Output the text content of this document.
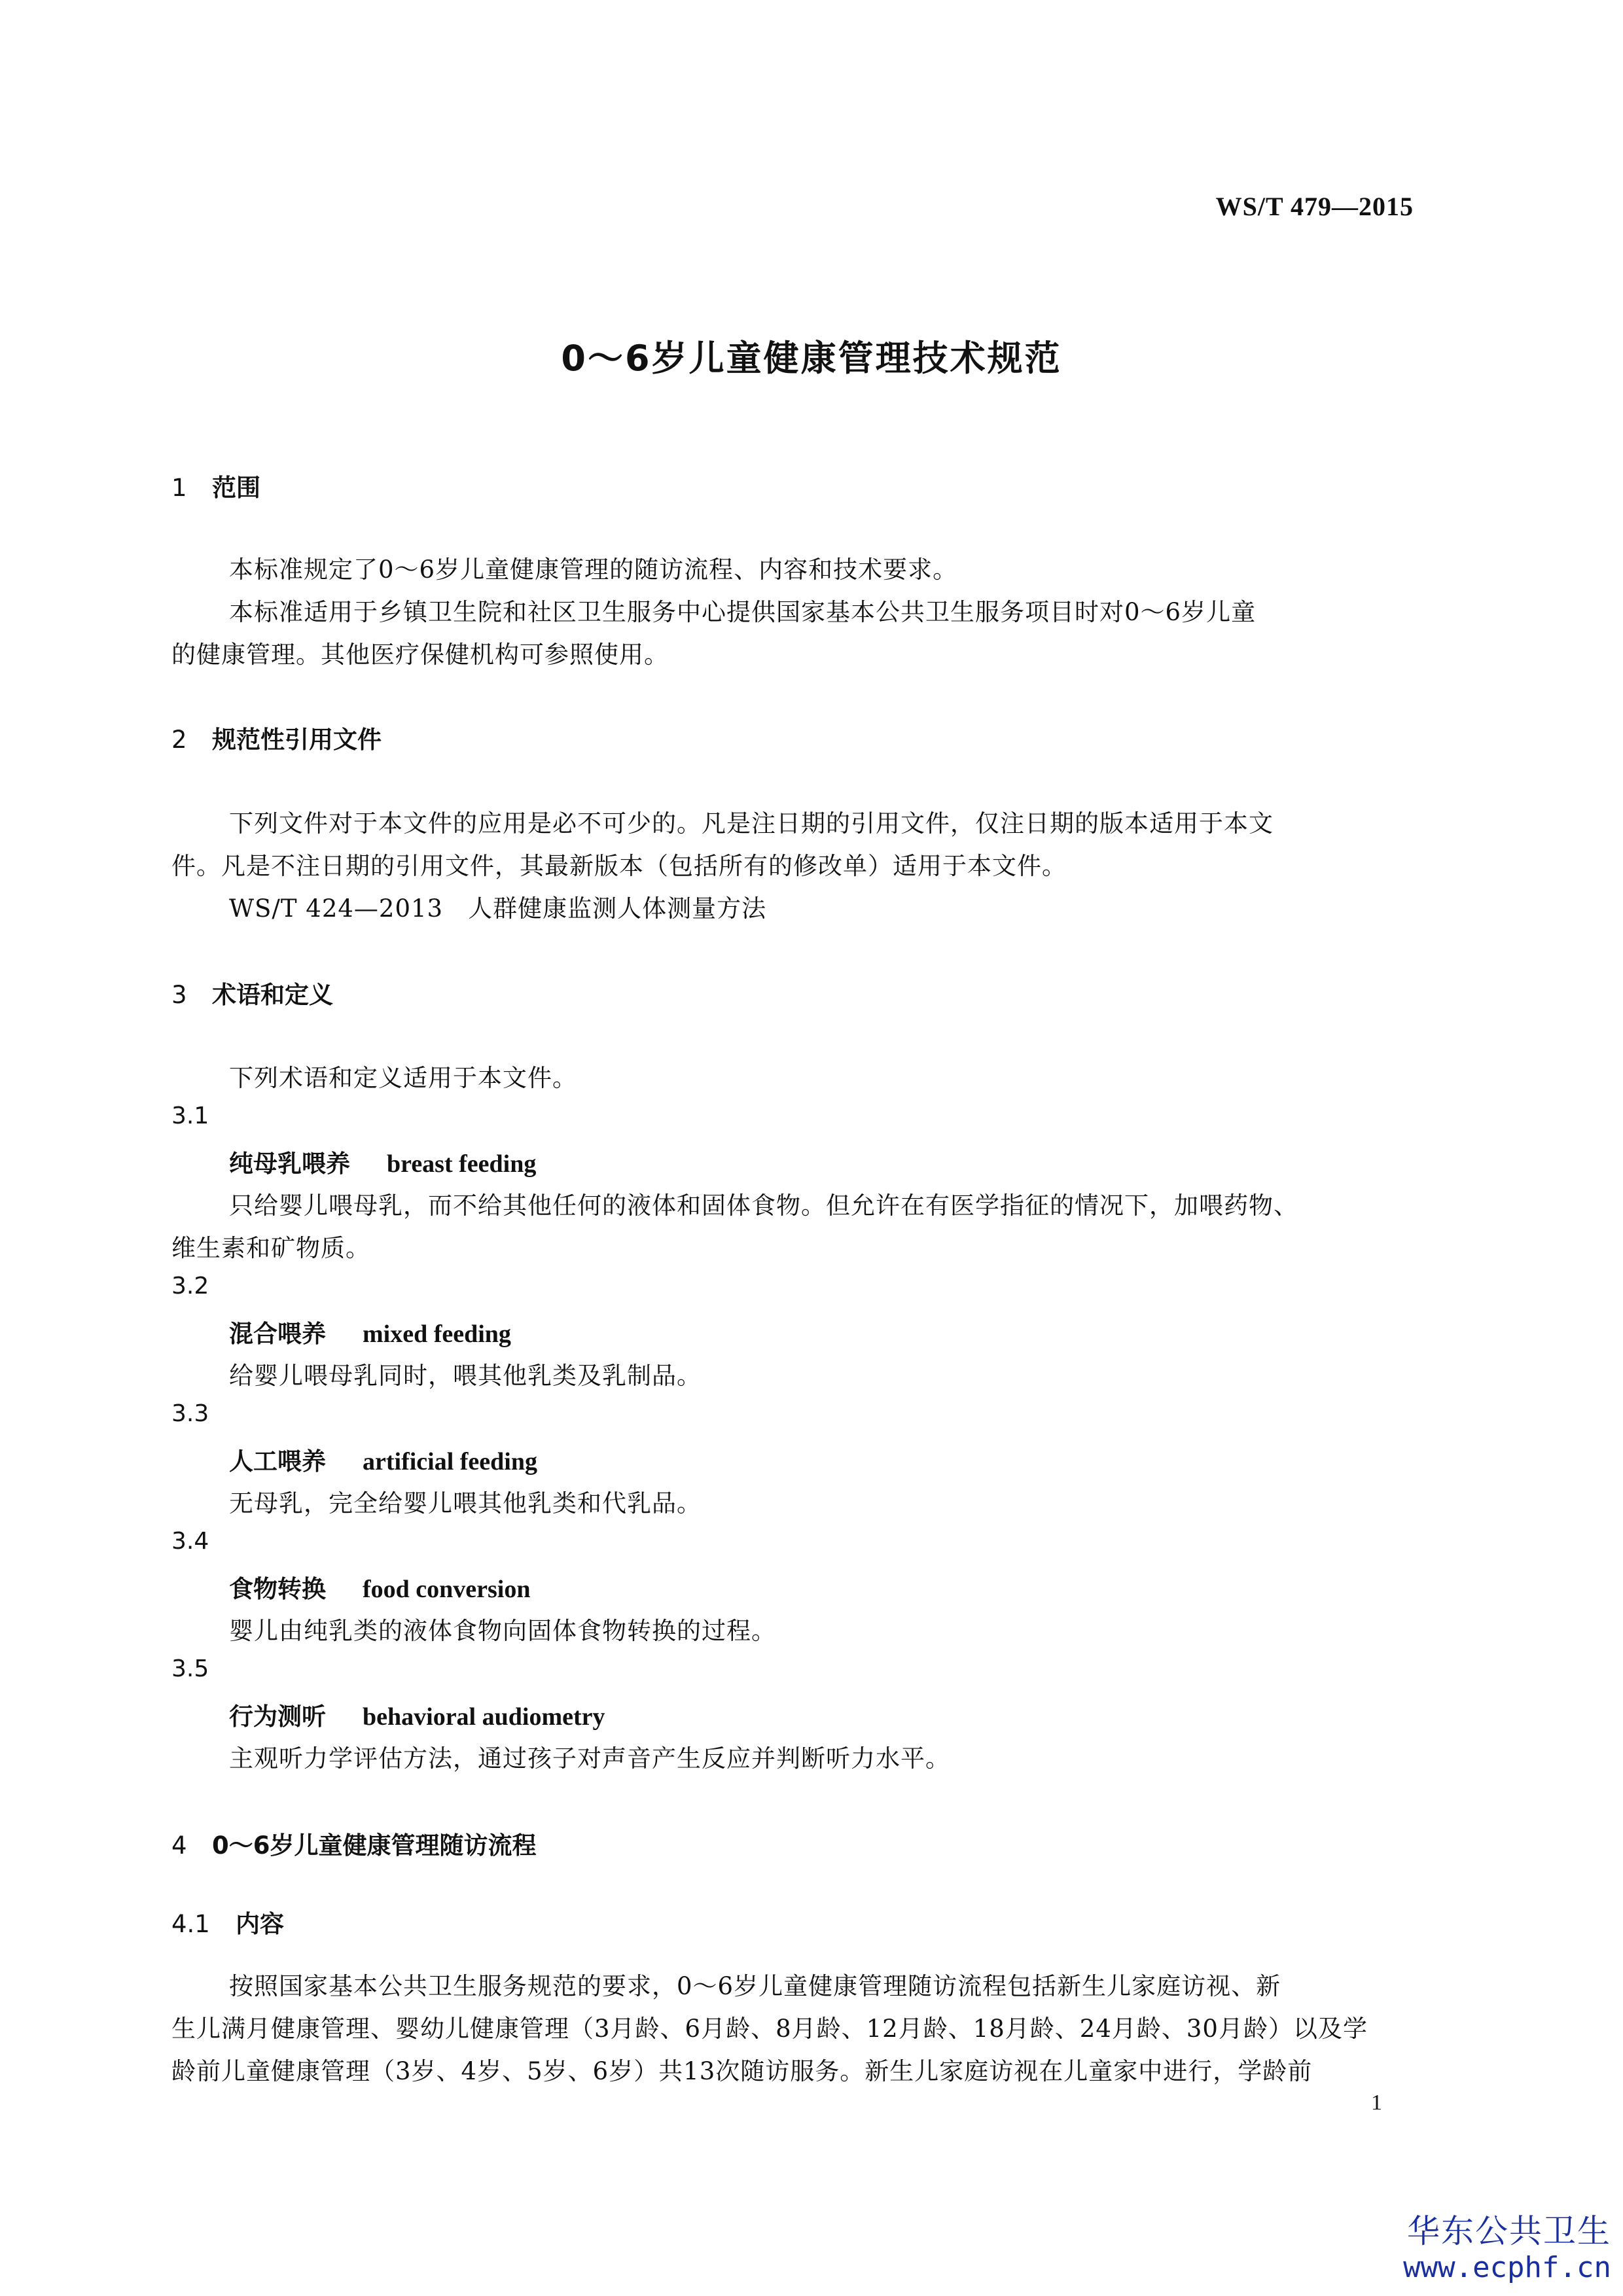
WS/T 479—2015
0～6岁儿童健康管理技术规范
1 范围
本标准规定了0～6岁儿童健康管理的随访流程、内容和技术要求。
本标准适用于乡镇卫生院和社区卫生服务中心提供国家基本公共卫生服务项目时对0～6岁儿童
的健康管理。其他医疗保健机构可参照使用。
2 规范性引用文件
下列文件对于本文件的应用是必不可少的。凡是注日期的引用文件，仅注日期的版本适用于本文
件。凡是不注日期的引用文件，其最新版本（包括所有的修改单）适用于本文件。
WS/T 424—2013　人群健康监测人体测量方法
3 术语和定义
下列术语和定义适用于本文件。
3.1
纯母乳喂养 breast feeding
只给婴儿喂母乳，而不给其他任何的液体和固体食物。但允许在有医学指征的情况下，加喂药物、
维生素和矿物质。
3.2
混合喂养 mixed feeding
给婴儿喂母乳同时，喂其他乳类及乳制品。
3.3
人工喂养 artificial feeding
无母乳，完全给婴儿喂其他乳类和代乳品。
3.4
食物转换 food conversion
婴儿由纯乳类的液体食物向固体食物转换的过程。
3.5
行为测听 behavioral audiometry
主观听力学评估方法，通过孩子对声音产生反应并判断听力水平。
4 0～6岁儿童健康管理随访流程
4.1 内容
按照国家基本公共卫生服务规范的要求，0～6岁儿童健康管理随访流程包括新生儿家庭访视、新
生儿满月健康管理、婴幼儿健康管理（3月龄、6月龄、8月龄、12月龄、18月龄、24月龄、30月龄）以及学
龄前儿童健康管理（3岁、4岁、5岁、6岁）共13次随访服务。新生儿家庭访视在儿童家中进行，学龄前
1
华东公共卫生
www.ecphf.cn
